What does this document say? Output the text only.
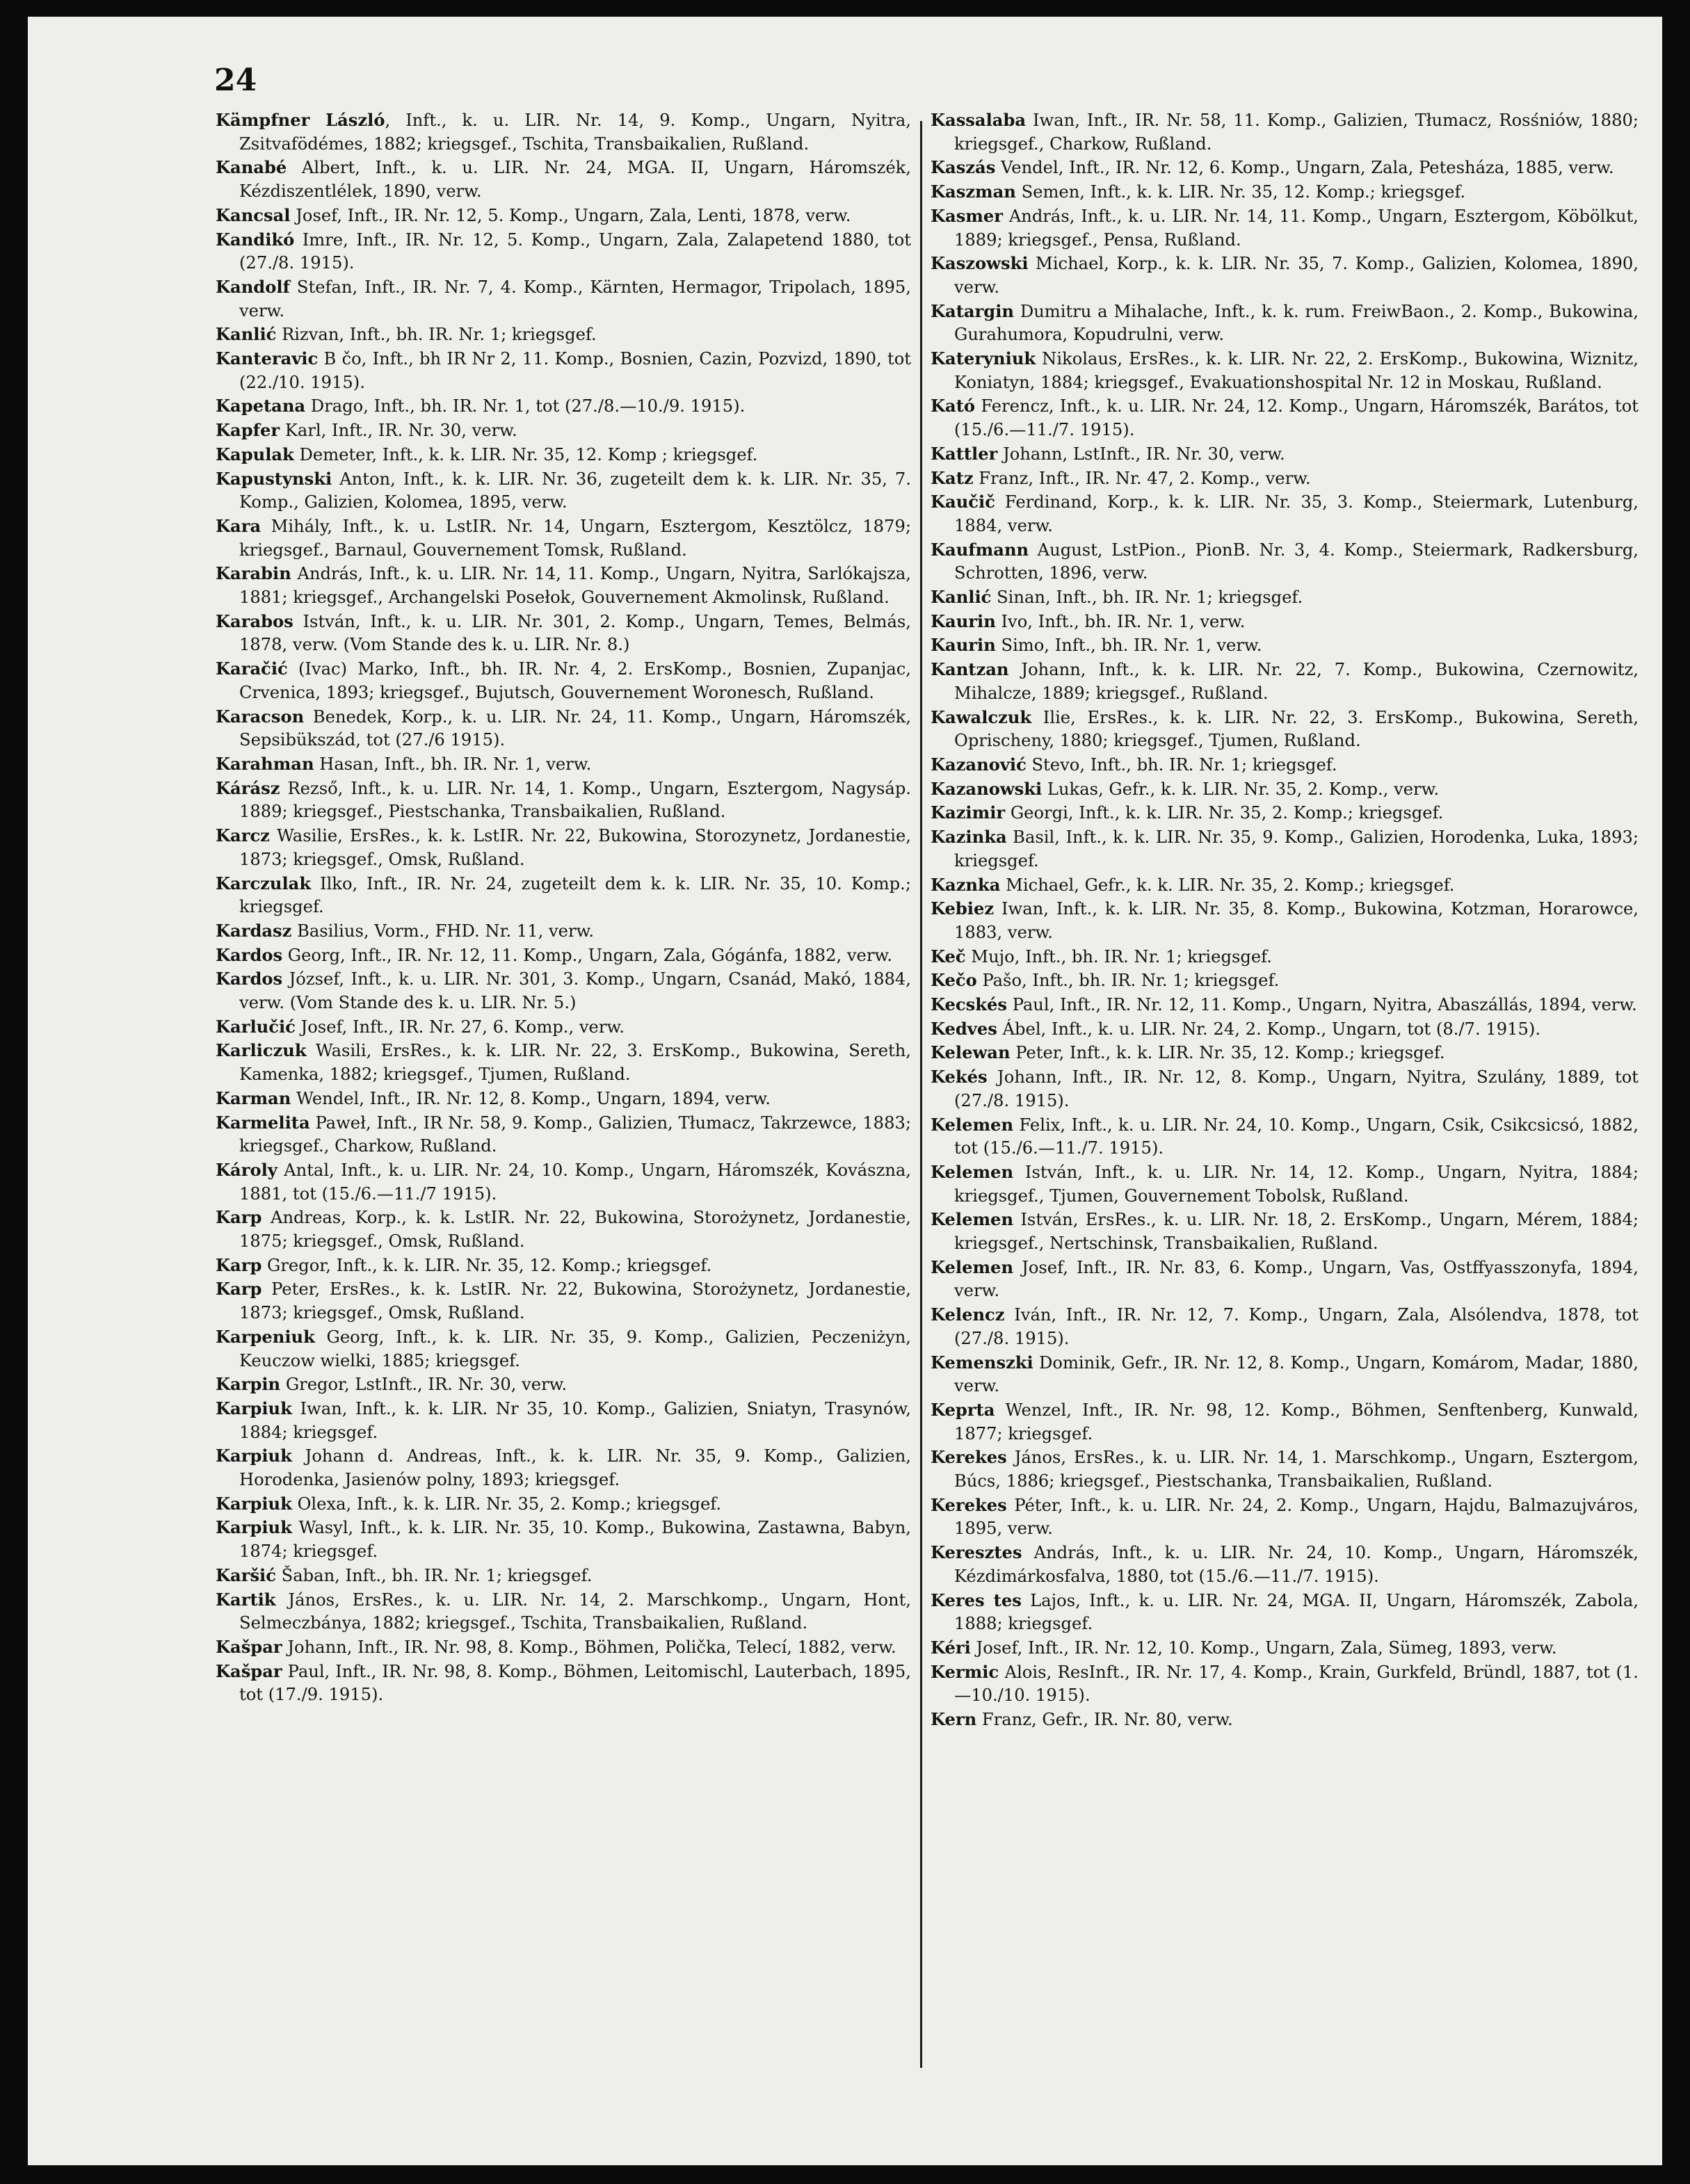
24

Kämpfner László, Inft., k. u. LIR. Nr. 14, 9. Komp., Ungarn, Nyitra, Zsitvafödémes, 1882; kriegsgef., Tschita, Transbaikalien, Rußland.

Kanabé Albert, Inft., k. u. LIR. Nr. 24, MGA. II, Ungarn, Háromszék, Kézdiszentlélek, 1890, verw.

Kancsal Josef, Inft., IR. Nr. 12, 5. Komp., Ungarn, Zala, Lenti, 1878, verw.

Kandikó Imre, Inft., IR. Nr. 12, 5. Komp., Ungarn, Zala, Zalapetend 1880, tot (27./8. 1915).

Kandolf Stefan, Inft., IR. Nr. 7, 4. Komp., Kärnten, Hermagor, Tripolach, 1895, verw.

Kanlić Rizvan, Inft., bh. IR. Nr. 1; kriegsgef.

Kanteravic B čo, Inft., bh IR Nr 2, 11. Komp., Bosnien, Cazin, Pozvizd, 1890, tot (22./10. 1915).

Kapetana Drago, Inft., bh. IR. Nr. 1, tot (27./8.—10./9. 1915).

Kapfer Karl, Inft., IR. Nr. 30, verw.

Kapulak Demeter, Inft., k. k. LIR. Nr. 35, 12. Komp ; kriegsgef.

Kapustynski Anton, Inft., k. k. LIR. Nr. 36, zugeteilt dem k. k. LIR. Nr. 35, 7. Komp., Galizien, Kolomea, 1895, verw.

Kara Mihály, Inft., k. u. LstIR. Nr. 14, Ungarn, Esztergom, Kesztölcz, 1879; kriegsgef., Barnaul, Gouvernement Tomsk, Rußland.

Karabin András, Inft., k. u. LIR. Nr. 14, 11. Komp., Ungarn, Nyitra, Sarlókajsza, 1881; kriegsgef., Archangelski Posełok, Gouvernement Akmolinsk, Rußland.

Karabos István, Inft., k. u. LIR. Nr. 301, 2. Komp., Ungarn, Temes, Belmás, 1878, verw. (Vom Stande des k. u. LIR. Nr. 8.)

Karačić (Ivac) Marko, Inft., bh. IR. Nr. 4, 2. ErsKomp., Bosnien, Zupanjac, Crvenica, 1893; kriegsgef., Bujutsch, Gouvernement Woronesch, Rußland.

Karacson Benedek, Korp., k. u. LIR. Nr. 24, 11. Komp., Ungarn, Háromszék, Sepsibükszád, tot (27./6 1915).

Karahman Hasan, Inft., bh. IR. Nr. 1, verw.

Kárász Rezső, Inft., k. u. LIR. Nr. 14, 1. Komp., Ungarn, Esztergom, Nagysáp. 1889; kriegsgef., Piestschanka, Transbaikalien, Rußland.

Karcz Wasilie, ErsRes., k. k. LstIR. Nr. 22, Bukowina, Storozynetz, Jordanestie, 1873; kriegsgef., Omsk, Rußland.

Karczulak Ilko, Inft., IR. Nr. 24, zugeteilt dem k. k. LIR. Nr. 35, 10. Komp.; kriegsgef.

Kardasz Basilius, Vorm., FHD. Nr. 11, verw.

Kardos Georg, Inft., IR. Nr. 12, 11. Komp., Ungarn, Zala, Gógánfa, 1882, verw.

Kardos József, Inft., k. u. LIR. Nr. 301, 3. Komp., Ungarn, Csanád, Makó, 1884, verw. (Vom Stande des k. u. LIR. Nr. 5.)

Karlučić Josef, Inft., IR. Nr. 27, 6. Komp., verw.

Karliczuk Wasili, ErsRes., k. k. LIR. Nr. 22, 3. ErsKomp., Bukowina, Sereth, Kamenka, 1882; kriegsgef., Tjumen, Rußland.

Karman Wendel, Inft., IR. Nr. 12, 8. Komp., Ungarn, 1894, verw.

Karmelita Paweł, Inft., IR Nr. 58, 9. Komp., Galizien, Tłumacz, Takrzewce, 1883; kriegsgef., Charkow, Rußland.

Károly Antal, Inft., k. u. LIR. Nr. 24, 10. Komp., Ungarn, Háromszék, Kovászna, 1881, tot (15./6.—11./7 1915).

Karp Andreas, Korp., k. k. LstIR. Nr. 22, Bukowina, Storożynetz, Jordanestie, 1875; kriegsgef., Omsk, Rußland.

Karp Gregor, Inft., k. k. LIR. Nr. 35, 12. Komp.; kriegsgef.

Karp Peter, ErsRes., k. k. LstIR. Nr. 22, Bukowina, Storożynetz, Jordanestie, 1873; kriegsgef., Omsk, Rußland.

Karpeniuk Georg, Inft., k. k. LIR. Nr. 35, 9. Komp., Galizien, Peczeniżyn, Keuczow wielki, 1885; kriegsgef.

Karpin Gregor, LstInft., IR. Nr. 30, verw.

Karpiuk Iwan, Inft., k. k. LIR. Nr 35, 10. Komp., Galizien, Sniatyn, Trasynów, 1884; kriegsgef.

Karpiuk Johann d. Andreas, Inft., k. k. LIR. Nr. 35, 9. Komp., Galizien, Horodenka, Jasienów polny, 1893; kriegsgef.

Karpiuk Olexa, Inft., k. k. LIR. Nr. 35, 2. Komp.; kriegsgef.

Karpiuk Wasyl, Inft., k. k. LIR. Nr. 35, 10. Komp., Bukowina, Zastawna, Babyn, 1874; kriegsgef.

Karšić Šaban, Inft., bh. IR. Nr. 1; kriegsgef.

Kartik János, ErsRes., k. u. LIR. Nr. 14, 2. Marschkomp., Ungarn, Hont, Selmeczbánya, 1882; kriegsgef., Tschita, Transbaikalien, Rußland.

Kašpar Johann, Inft., IR. Nr. 98, 8. Komp., Böhmen, Polička, Telecí, 1882, verw.

Kašpar Paul, Inft., IR. Nr. 98, 8. Komp., Böhmen, Leitomischl, Lauterbach, 1895, tot (17./9. 1915).

Kassalaba Iwan, Inft., IR. Nr. 58, 11. Komp., Galizien, Tłumacz, Rosśniów, 1880; kriegsgef., Charkow, Rußland.

Kaszás Vendel, Inft., IR. Nr. 12, 6. Komp., Ungarn, Zala, Petesháza, 1885, verw.

Kaszman Semen, Inft., k. k. LIR. Nr. 35, 12. Komp.; kriegsgef.

Kasmer András, Inft., k. u. LIR. Nr. 14, 11. Komp., Ungarn, Esztergom, Köbölkut, 1889; kriegsgef., Pensa, Rußland.

Kaszowski Michael, Korp., k. k. LIR. Nr. 35, 7. Komp., Galizien, Kolomea, 1890, verw.

Katargin Dumitru a Mihalache, Inft., k. k. rum. FreiwBaon., 2. Komp., Bukowina, Gurahumora, Kopudrulni, verw.

Kateryniuk Nikolaus, ErsRes., k. k. LIR. Nr. 22, 2. ErsKomp., Bukowina, Wiznitz, Koniatyn, 1884; kriegsgef., Evakuationshospital Nr. 12 in Moskau, Rußland.

Kató Ferencz, Inft., k. u. LIR. Nr. 24, 12. Komp., Ungarn, Háromszék, Barátos, tot (15./6.—11./7. 1915).

Kattler Johann, LstInft., IR. Nr. 30, verw.

Katz Franz, Inft., IR. Nr. 47, 2. Komp., verw.

Kaučič Ferdinand, Korp., k. k. LIR. Nr. 35, 3. Komp., Steiermark, Lutenburg, 1884, verw.

Kaufmann August, LstPion., PionB. Nr. 3, 4. Komp., Steiermark, Radkersburg, Schrotten, 1896, verw.

Kanlić Sinan, Inft., bh. IR. Nr. 1; kriegsgef.

Kaurin Ivo, Inft., bh. IR. Nr. 1, verw.

Kaurin Simo, Inft., bh. IR. Nr. 1, verw.

Kantzan Johann, Inft., k. k. LIR. Nr. 22, 7. Komp., Bukowina, Czernowitz, Mihalcze, 1889; kriegsgef., Rußland.

Kawalczuk Ilie, ErsRes., k. k. LIR. Nr. 22, 3. ErsKomp., Bukowina, Sereth, Oprischeny, 1880; kriegsgef., Tjumen, Rußland.

Kazanović Stevo, Inft., bh. IR. Nr. 1; kriegsgef.

Kazanowski Lukas, Gefr., k. k. LIR. Nr. 35, 2. Komp., verw.

Kazimir Georgi, Inft., k. k. LIR. Nr. 35, 2. Komp.; kriegsgef.

Kazinka Basil, Inft., k. k. LIR. Nr. 35, 9. Komp., Galizien, Horodenka, Luka, 1893; kriegsgef.

Kaznka Michael, Gefr., k. k. LIR. Nr. 35, 2. Komp.; kriegsgef.

Kebiez Iwan, Inft., k. k. LIR. Nr. 35, 8. Komp., Bukowina, Kotzman, Horarowce, 1883, verw.

Keč Mujo, Inft., bh. IR. Nr. 1; kriegsgef.

Kečo Pašo, Inft., bh. IR. Nr. 1; kriegsgef.

Kecskés Paul, Inft., IR. Nr. 12, 11. Komp., Ungarn, Nyitra, Abaszállás, 1894, verw.

Kedves Ábel, Inft., k. u. LIR. Nr. 24, 2. Komp., Ungarn, tot (8./7. 1915).

Kelewan Peter, Inft., k. k. LIR. Nr. 35, 12. Komp.; kriegsgef.

Kekés Johann, Inft., IR. Nr. 12, 8. Komp., Ungarn, Nyitra, Szulány, 1889, tot (27./8. 1915).

Kelemen Felix, Inft., k. u. LIR. Nr. 24, 10. Komp., Ungarn, Csik, Csikcsicsó, 1882, tot (15./6.—11./7. 1915).

Kelemen István, Inft., k. u. LIR. Nr. 14, 12. Komp., Ungarn, Nyitra, 1884; kriegsgef., Tjumen, Gouvernement Tobolsk, Rußland.

Kelemen István, ErsRes., k. u. LIR. Nr. 18, 2. ErsKomp., Ungarn, Mérem, 1884; kriegsgef., Nertschinsk, Transbaikalien, Rußland.

Kelemen Josef, Inft., IR. Nr. 83, 6. Komp., Ungarn, Vas, Ostffyasszonyfa, 1894, verw.

Kelencz Iván, Inft., IR. Nr. 12, 7. Komp., Ungarn, Zala, Alsólendva, 1878, tot (27./8. 1915).

Kemenszki Dominik, Gefr., IR. Nr. 12, 8. Komp., Ungarn, Komárom, Madar, 1880, verw.

Keprta Wenzel, Inft., IR. Nr. 98, 12. Komp., Böhmen, Senftenberg, Kunwald, 1877; kriegsgef.

Kerekes János, ErsRes., k. u. LIR. Nr. 14, 1. Marschkomp., Ungarn, Esztergom, Búcs, 1886; kriegsgef., Piestschanka, Transbaikalien, Rußland.

Kerekes Péter, Inft., k. u. LIR. Nr. 24, 2. Komp., Ungarn, Hajdu, Balmazujváros, 1895, verw.

Keresztes András, Inft., k. u. LIR. Nr. 24, 10. Komp., Ungarn, Háromszék, Kézdimárkosfalva, 1880, tot (15./6.—11./7. 1915).

Keres tes Lajos, Inft., k. u. LIR. Nr. 24, MGA. II, Ungarn, Háromszék, Zabola, 1888; kriegsgef.

Kéri Josef, Inft., IR. Nr. 12, 10. Komp., Ungarn, Zala, Sümeg, 1893, verw.

Kermic Alois, ResInft., IR. Nr. 17, 4. Komp., Krain, Gurkfeld, Bründl, 1887, tot (1.—10./10. 1915).

Kern Franz, Gefr., IR. Nr. 80, verw.
